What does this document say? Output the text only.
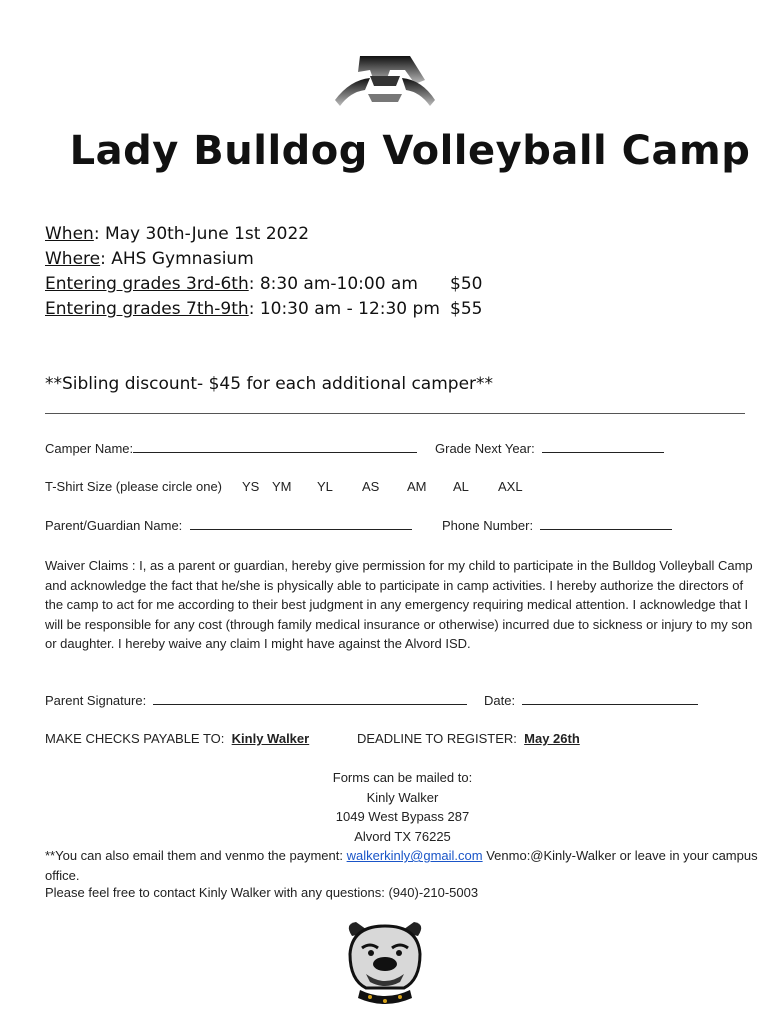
Lady Bulldog Volleyball Camp
When: May 30th-June 1st 2022
Where: AHS Gymnasium
Entering grades 3rd-6th: 8:30 am-10:00 am $50
Entering grades 7th-9th: 10:30 am - 12:30 pm $55
**Sibling discount- $45 for each additional camper**
Camper Name:	Grade Next Year:
T-Shirt Size (please circle one) YS YM YL AS AM AL AXL
Parent/Guardian Name:	Phone Number:
Waiver Claims : I, as a parent or guardian, hereby give permission for my child to participate in the Bulldog Volleyball Camp and acknowledge the fact that he/she is physically able to participate in camp activities. I hereby authorize the directors of the camp to act for me according to their best judgment in any emergency requiring medical attention. I acknowledge that I will be responsible for any cost (through family medical insurance or otherwise) incurred due to sickness or injury to my son or daughter. I hereby waive any claim I might have against the Alvord ISD.
Parent Signature:	Date:
MAKE CHECKS PAYABLE TO: Kinly Walker	DEADLINE TO REGISTER: May 26th
Forms can be mailed to:
Kinly Walker
1049 West Bypass 287
Alvord TX 76225
**You can also email them and venmo the payment: walkerkinly@gmail.com Venmo:@Kinly-Walker or leave in your campus office.
Please feel free to contact Kinly Walker with any questions: (940)-210-5003
